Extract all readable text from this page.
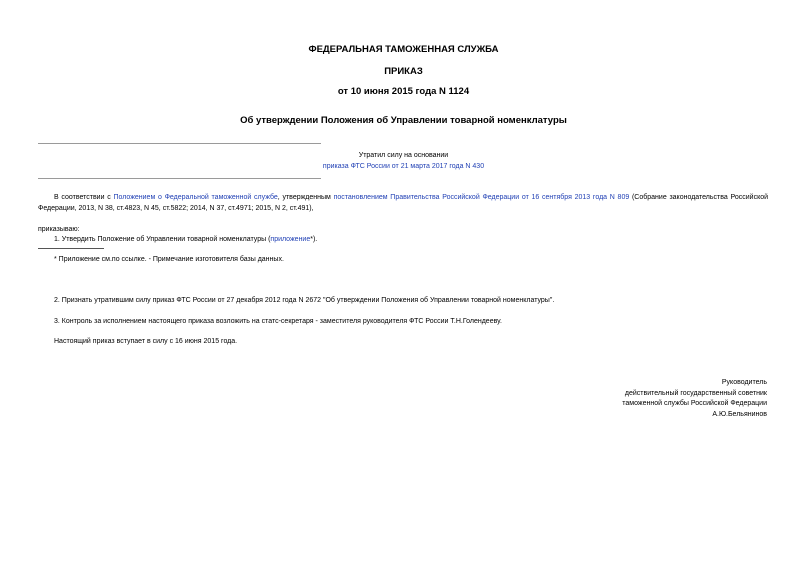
ФЕДЕРАЛЬНАЯ ТАМОЖЕННАЯ СЛУЖБА
ПРИКАЗ
от 10 июня 2015 года N 1124
Об утверждении Положения об Управлении товарной номенклатуры
Утратил силу на основании
приказа ФТС России от 21 марта 2017 года N 430
В соответствии с Положением о Федеральной таможенной службе, утвержденным постановлением Правительства Российской Федерации от 16 сентября 2013 года N 809 (Собрание законодательства Российской Федерации, 2013, N 38, ст.4823, N 45, ст.5822; 2014, N 37, ст.4971; 2015, N 2, ст.491),
приказываю:
1. Утвердить Положение об Управлении товарной номенклатуры (приложение*).
* Приложение см.по ссылке. - Примечание изготовителя базы данных.
2. Признать утратившим силу приказ ФТС России от 27 декабря 2012 года N 2672 "Об утверждении Положения об Управлении товарной номенклатуры".
3. Контроль за исполнением настоящего приказа возложить на статс-секретаря - заместителя руководителя ФТС России Т.Н.Голендееву.
Настоящий приказ вступает в силу с 16 июня 2015 года.
Руководитель
действительный государственный советник
таможенной службы Российской Федерации
А.Ю.Бельянинов
